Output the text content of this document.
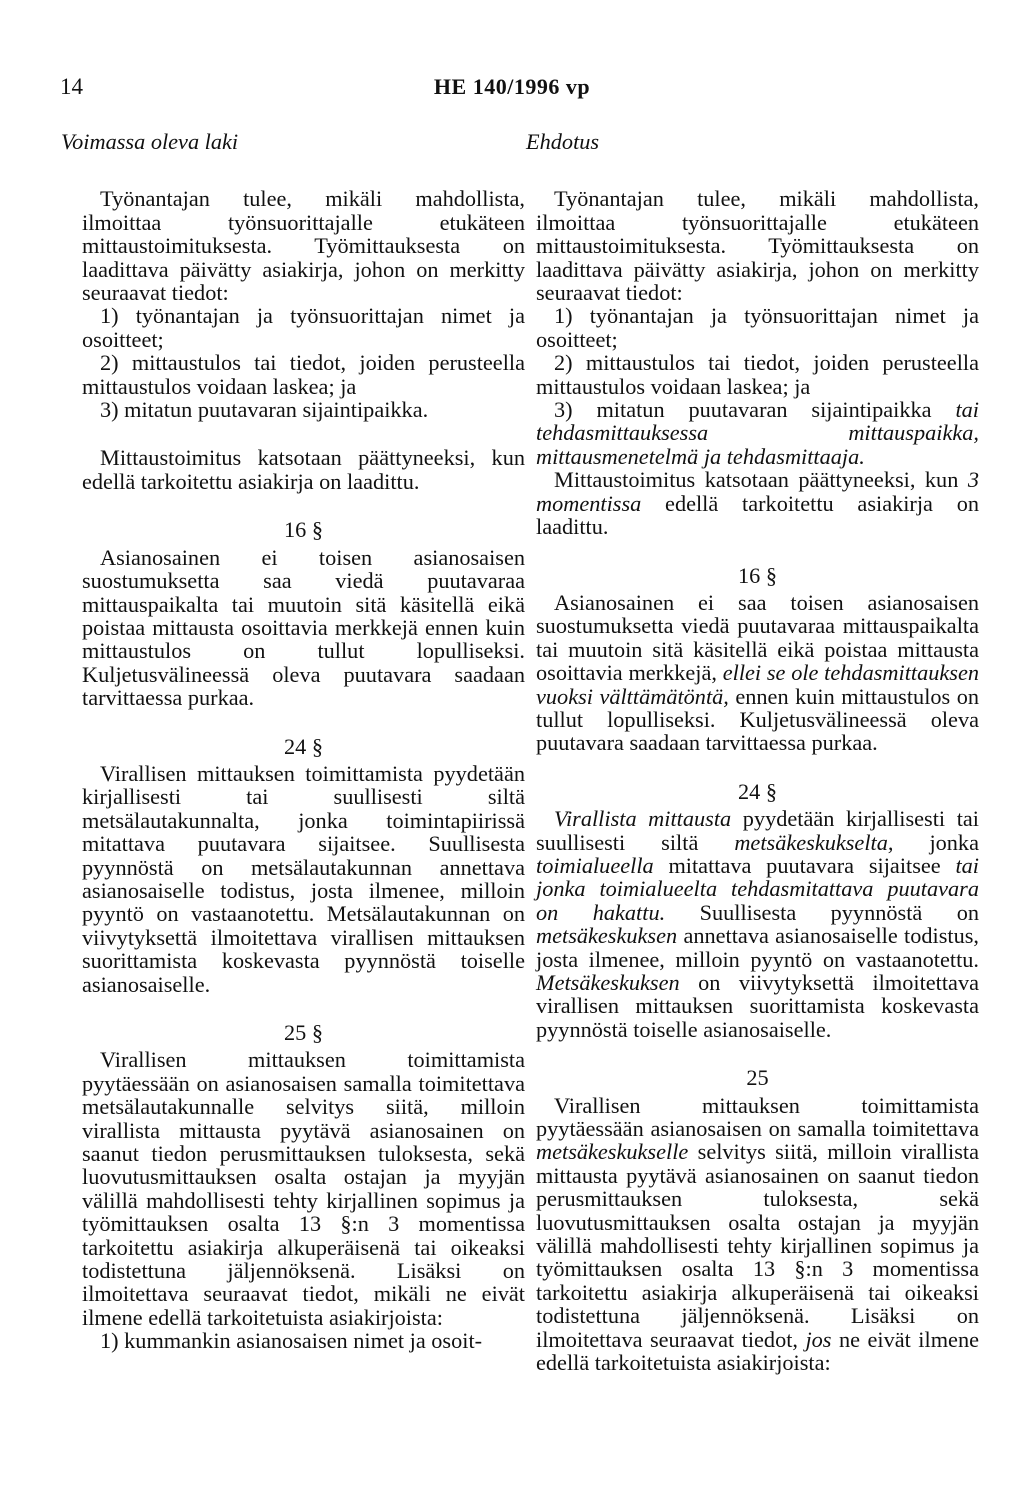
14	HE 140/1996 vp
Voimassa oleva laki

Työnantajan tulee, mikäli mahdollista, ilmoittaa työnsuorittajalle etukäteen mittaustoimituksesta. Työmittauksesta on laadittava päivätty asiakirja, johon on merkitty seuraavat tiedot:

1) työnantajan ja työnsuorittajan nimet ja osoitteet;

2) mittaustulos tai tiedot, joiden perusteella mittaustulos voidaan laskea; ja

3) mitatun puutavaran sijaintipaikka.

Mittaustoimitus katsotaan päättyneeksi, kun edellä tarkoitettu asiakirja on laadittu.

16 §

Asianosainen ei toisen asianosaisen suostumuksetta saa viedä puutavaraa mittauspaikalta tai muutoin sitä käsitellä eikä poistaa mittausta osoittavia merkkejä ennen kuin mittaustulos on tullut lopulliseksi. Kuljetusvälineessä oleva puutavara saadaan tarvittaessa purkaa.

24 §

Virallisen mittauksen toimittamista pyydetään kirjallisesti tai suullisesti siltä metsälautakunnalta, jonka toimintapiirissä mitattava puutavara sijaitsee. Suullisesta pyynnöstä on metsälautakunnan annettava asianosaiselle todistus, josta ilmenee, milloin pyyntö on vastaanotettu. Metsälautakunnan on viivytyksettä ilmoitettava virallisen mittauksen suorittamista koskevasta pyynnöstä toiselle asianosaiselle.

25 §

Virallisen mittauksen toimittamista pyytäessään on asianosaisen samalla toimitettava metsälautakunnalle selvitys siitä, milloin virallista mittausta pyytävä asianosainen on saanut tiedon perusmittauksen tuloksesta, sekä luovutusmittauksen osalta ostajan ja myyjän välillä mahdollisesti tehty kirjallinen sopimus ja työmittauksen osalta 13 §:n 3 momentissa tarkoitettu asiakirja alkuperäisenä tai oikeaksi todistettuna jäljennöksenä. Lisäksi on ilmoitettava seuraavat tiedot, mikäli ne eivät ilmene edellä tarkoitetuista asiakirjoista:

1) kummankin asianosaisen nimet ja osoit-

Ehdotus

Työnantajan tulee, mikäli mahdollista, ilmoittaa työnsuorittajalle etukäteen mittaustoimituksesta. Työmittauksesta on laadittava päivätty asiakirja, johon on merkitty seuraavat tiedot:

1) työnantajan ja työnsuorittajan nimet ja osoitteet;

2) mittaustulos tai tiedot, joiden perusteella mittaustulos voidaan laskea; ja

3) mitatun puutavaran sijaintipaikka tai tehdasmittauksessa mittauspaikka, mittausmenetelmä ja tehdasmittaaja.

Mittaustoimitus katsotaan päättyneeksi, kun 3 momentissa edellä tarkoitettu asiakirja on laadittu.

16 §

Asianosainen ei saa toisen asianosaisen suostumuksetta viedä puutavaraa mittauspaikalta tai muutoin sitä käsitellä eikä poistaa mittausta osoittavia merkkejä, ellei se ole tehdasmittauksen vuoksi välttämätöntä, ennen kuin mittaustulos on tullut lopulliseksi. Kuljetusvälineessä oleva puutavara saadaan tarvittaessa purkaa.

24 §

Virallista mittausta pyydetään kirjallisesti tai suullisesti siltä metsäkeskukselta, jonka toimialueella mitattava puutavara sijaitsee tai jonka toimialueelta tehdasmitattava puutavara on hakattu. Suullisesta pyynnöstä on metsäkeskuksen annettava asianosaiselle todistus, josta ilmenee, milloin pyyntö on vastaanotettu. Metsäkeskuksen on viivytyksettä ilmoitettava virallisen mittauksen suorittamista koskevasta pyynnöstä toiselle asianosaiselle.

25

Virallisen mittauksen toimittamista pyytäessään asianosaisen on samalla toimitettava metsäkeskukselle selvitys siitä, milloin virallista mittausta pyytävä asianosainen on saanut tiedon perusmittauksen tuloksesta, sekä luovutusmittauksen osalta ostajan ja myyjän välillä mahdollisesti tehty kirjallinen sopimus ja työmittauksen osalta 13 §:n 3 momentissa tarkoitettu asiakirja alkuperäisenä tai oikeaksi todistettuna jäljennöksenä. Lisäksi on ilmoitettava seuraavat tiedot, jos ne eivät ilmene edellä tarkoitetuista asiakirjoista:
